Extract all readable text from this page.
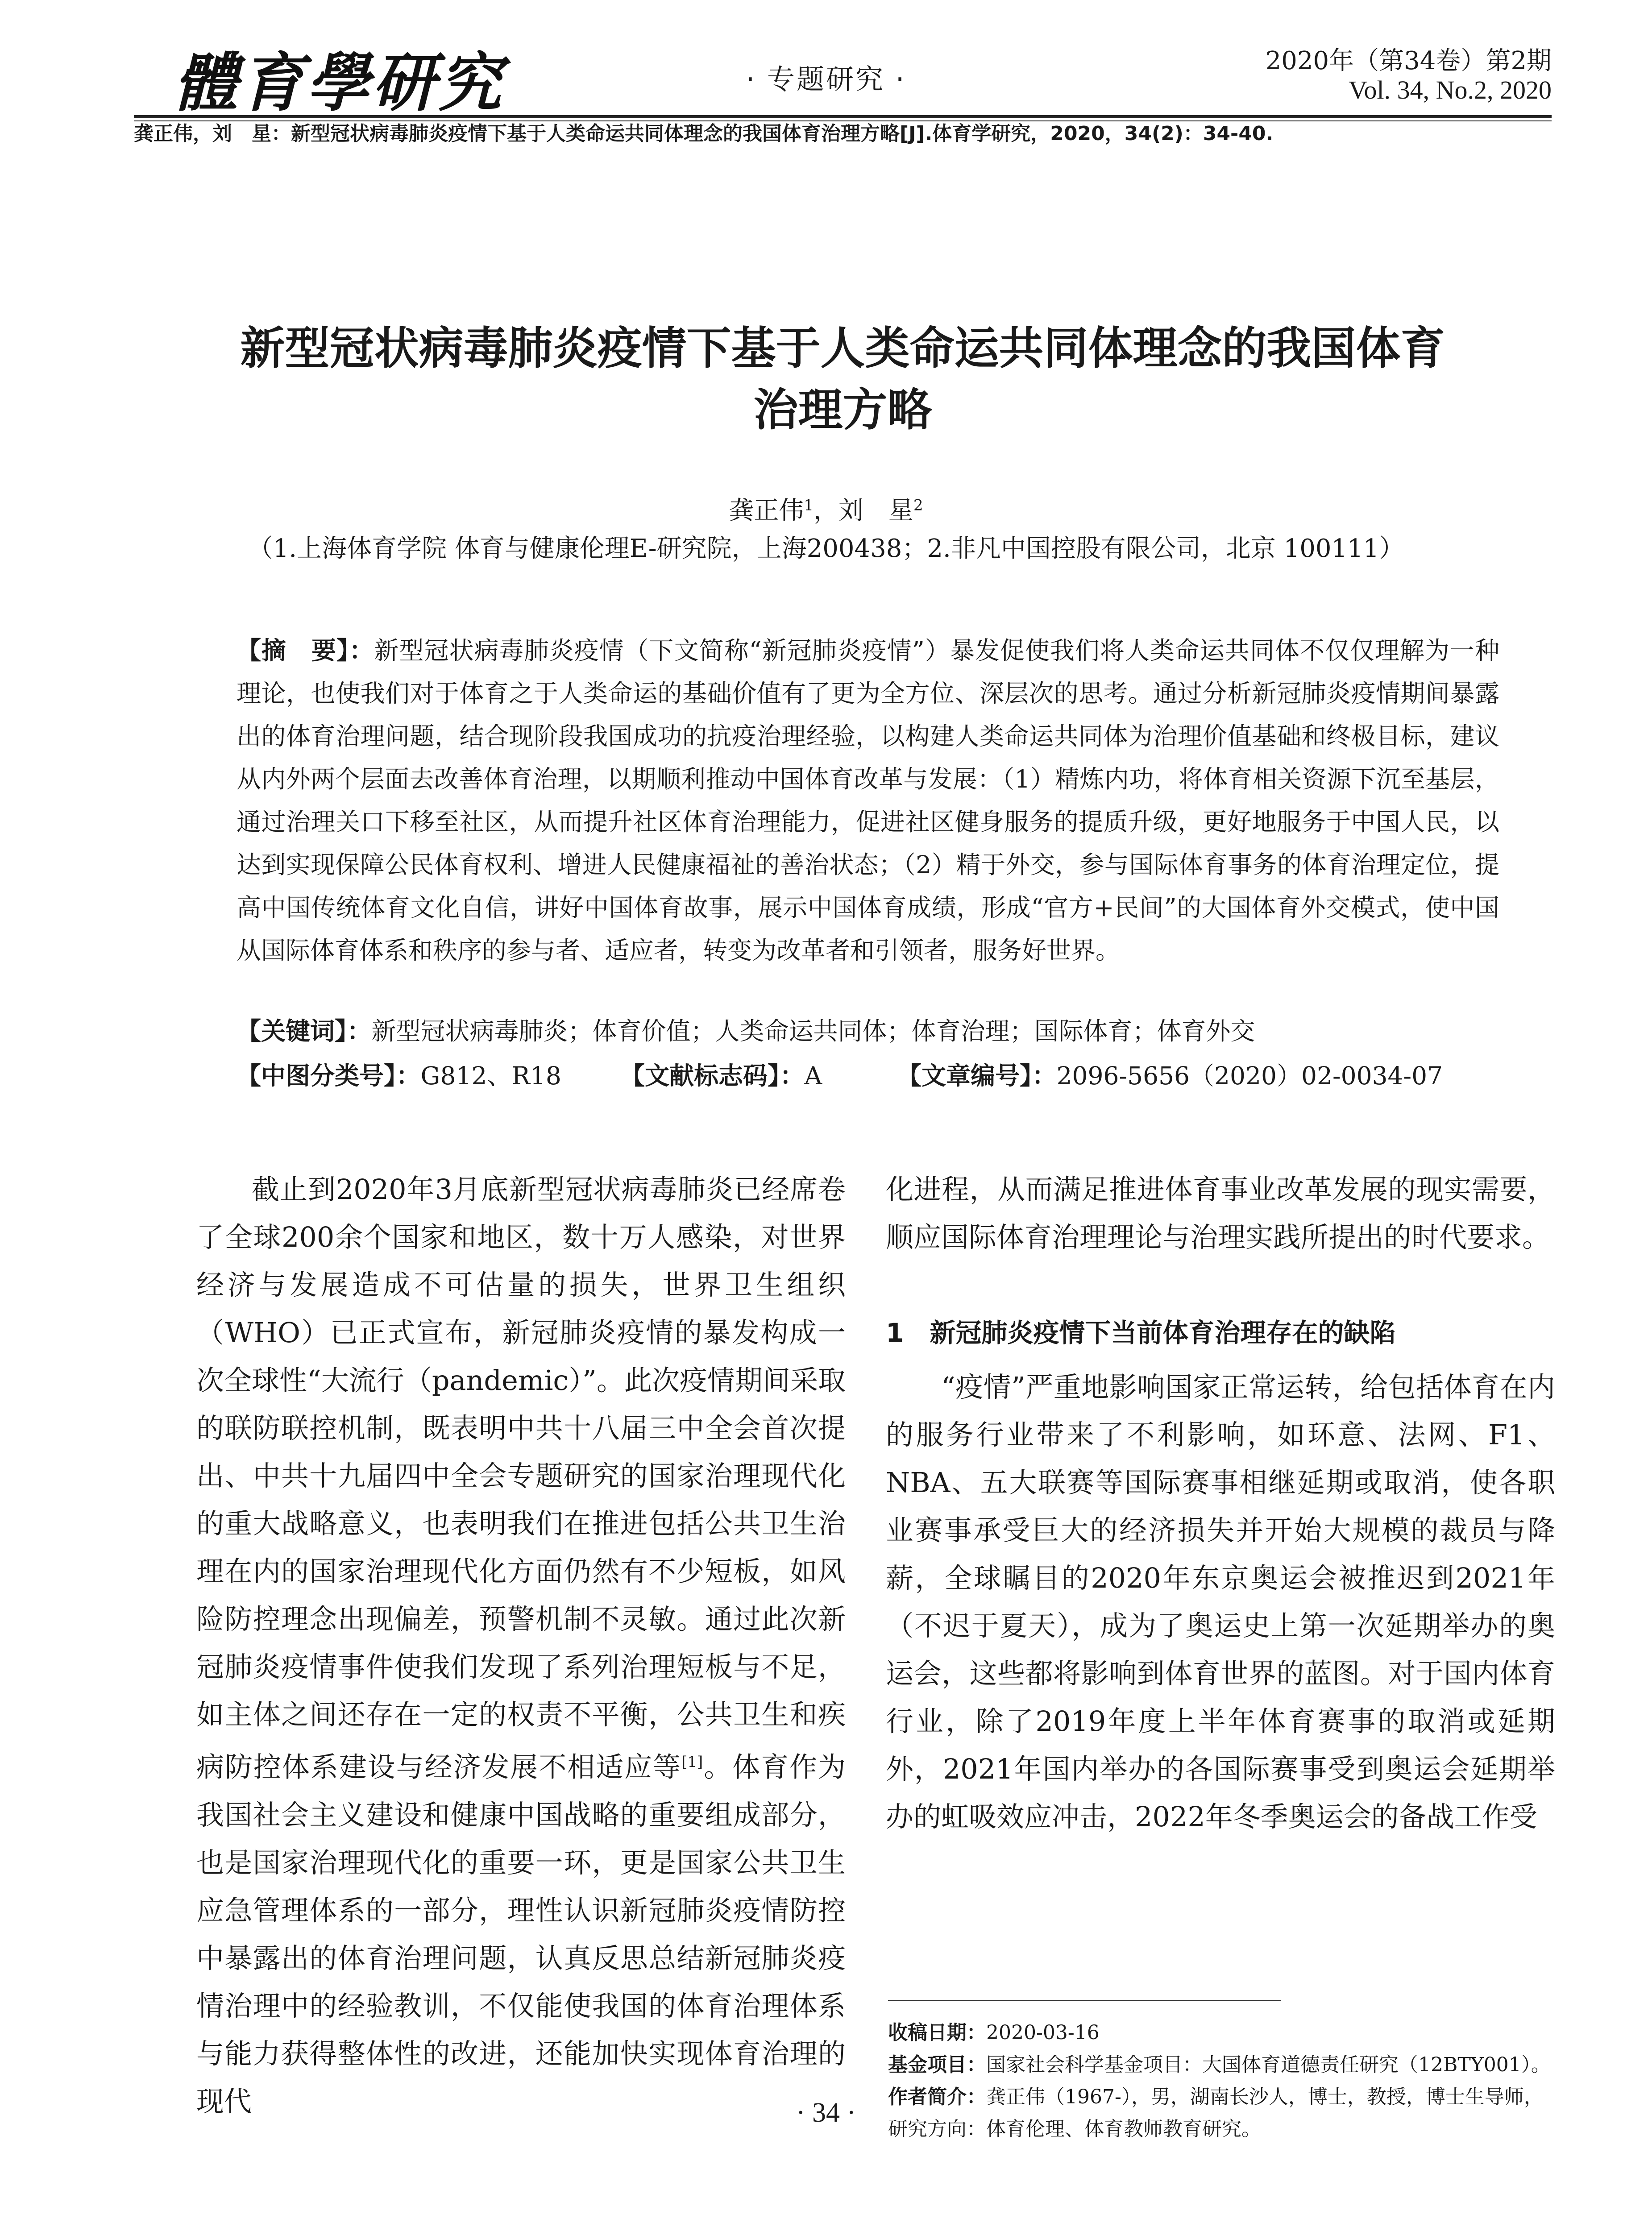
體育學研究	· 专题研究 ·
2020年（第34卷）第2期
Vol. 34, No.2, 2020
龚正伟，刘　星：新型冠状病毒肺炎疫情下基于人类命运共同体理念的我国体育治理方略[J].体育学研究，2020，34(2)：34-40.
新型冠状病毒肺炎疫情下基于人类命运共同体理念的我国体育
治理方略
龚正伟$^1$，刘　星$^2$
（1.上海体育学院 体育与健康伦理E-研究院，上海200438；2.非凡中国控股有限公司，北京 100111）
【摘　要】：新型冠状病毒肺炎疫情（下文简称“新冠肺炎疫情”）暴发促使我们将人类命运共同体不仅仅理解为一种理论，也使我们对于体育之于人类命运的基础价值有了更为全方位、深层次的思考。通过分析新冠肺炎疫情期间暴露出的体育治理问题，结合现阶段我国成功的抗疫治理经验，以构建人类命运共同体为治理价值基础和终极目标，建议从内外两个层面去改善体育治理，以期顺利推动中国体育改革与发展：（1）精炼内功，将体育相关资源下沉至基层，通过治理关口下移至社区，从而提升社区体育治理能力，促进社区健身服务的提质升级，更好地服务于中国人民，以达到实现保障公民体育权利、增进人民健康福祉的善治状态；（2）精于外交，参与国际体育事务的体育治理定位，提高中国传统体育文化自信，讲好中国体育故事，展示中国体育成绩，形成“官方+民间”的大国体育外交模式，使中国从国际体育体系和秩序的参与者、适应者，转变为改革者和引领者，服务好世界。
【关键词】：新型冠状病毒肺炎；体育价值；人类命运共同体；体育治理；国际体育；体育外交
【中图分类号】：G812、R18 【文献标志码】：A	【文章编号】：2096-5656（2020）02-0034-07

截止到2020年3月底新型冠状病毒肺炎已经席卷了全球200余个国家和地区，数十万人感染，对世界经济与发展造成不可估量的损失，世界卫生组织（WHO）已正式宣布，新冠肺炎疫情的暴发构成一次全球性“大流行（pandemic）”。此次疫情期间采取的联防联控机制，既表明中共十八届三中全会首次提出、中共十九届四中全会专题研究的国家治理现代化的重大战略意义，也表明我们在推进包括公共卫生治理在内的国家治理现代化方面仍然有不少短板，如风险防控理念出现偏差，预警机制不灵敏。通过此次新冠肺炎疫情事件使我们发现了系列治理短板与不足，如主体之间还存在一定的权责不平衡，公共卫生和疾病防控体系建设与经济发展不相适应等[1]。体育作为我国社会主义建设和健康中国战略的重要组成部分，也是国家治理现代化的重要一环，更是国家公共卫生应急管理体系的一部分，理性认识新冠肺炎疫情防控中暴露出的体育治理问题，认真反思总结新冠肺炎疫情治理中的经验教训，不仅能使我国的体育治理体系与能力获得整体性的改进，还能加快实现体育治理的现代

化进程，从而满足推进体育事业改革发展的现实需要，顺应国际体育治理理论与治理实践所提出的时代要求。

1　新冠肺炎疫情下当前体育治理存在的缺陷

“疫情”严重地影响国家正常运转，给包括体育在内的服务行业带来了不利影响，如环意、法网、F1、NBA、五大联赛等国际赛事相继延期或取消，使各职业赛事承受巨大的经济损失并开始大规模的裁员与降薪，全球瞩目的2020年东京奥运会被推迟到2021年（不迟于夏天），成为了奥运史上第一次延期举办的奥运会，这些都将影响到体育世界的蓝图。对于国内体育行业，除了2019年度上半年体育赛事的取消或延期外，2021年国内举办的各国际赛事受到奥运会延期举办的虹吸效应冲击，2022年冬季奥运会的备战工作受

收稿日期：2020-03-16
基金项目：国家社会科学基金项目：大国体育道德责任研究（12BTY001）。
作者简介：龚正伟（1967-），男，湖南长沙人，博士，教授，博士生导师，研究方向：体育伦理、体育教师教育研究。
· 34 ·
